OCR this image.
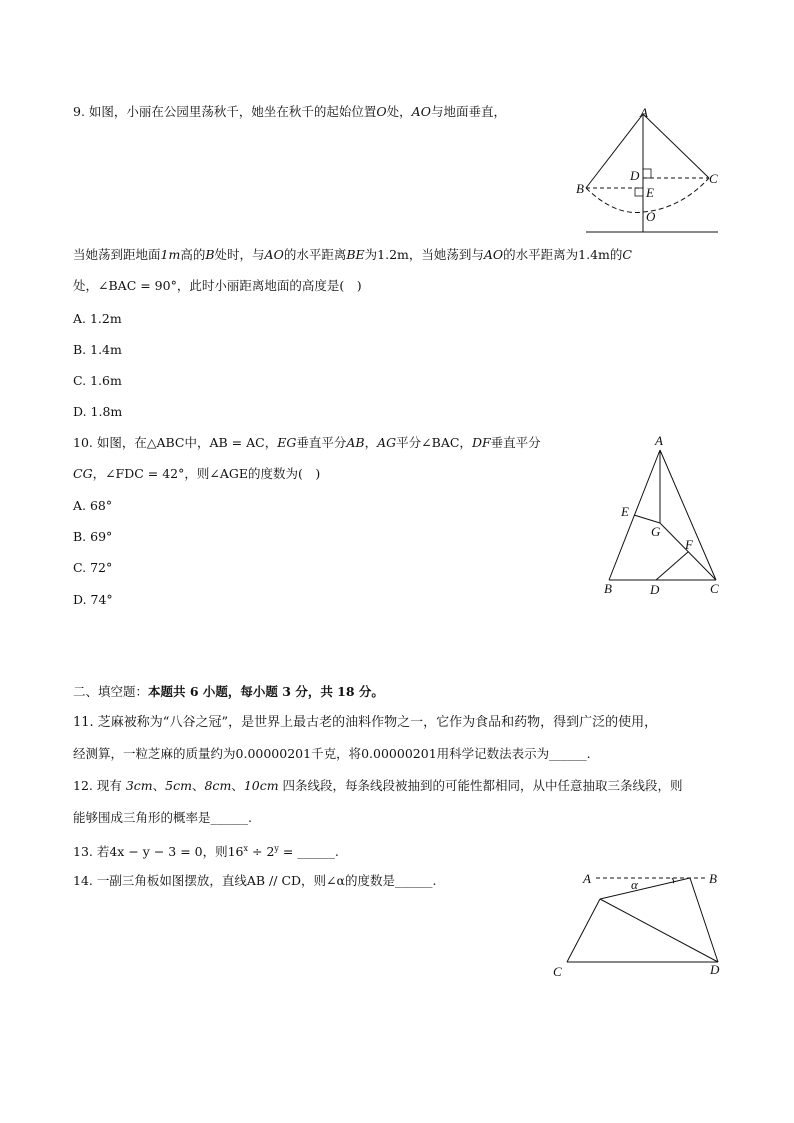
9. 如图，小丽在公园里荡秋千，她坐在秋千的起始位置O处，AO与地面垂直，	A
B
C
D
E
O
当她荡到距地面1m高的B处时，与AO的水平距离BE为1.2m，当她荡到与AO的水平距离为1.4m的C
处，∠BAC = 90°，此时小丽距离地面的高度是(　)
A. 1.2m
B. 1.4m
C. 1.6m
D. 1.8m
10. 如图，在△ABC中，AB = AC，EG垂直平分AB，AG平分∠BAC，DF垂直平分
CG，∠FDC = 42°，则∠AGE的度数为(　)
A
B	C
D
E
F
G
A. 68°
B. 69°
C. 72°
D. 74°
二、填空题：本题共 6 小题，每小题 3 分，共 18 分。
11. 芝麻被称为“八谷之冠”，是世界上最古老的油料作物之一，它作为食品和药物，得到广泛的使用，
经测算，一粒芝麻的质量约为0.00000201千克，将0.00000201用科学记数法表示为______.
12. 现有 3cm、5cm、8cm、10cm 四条线段，每条线段被抽到的可能性都相同，从中任意抽取三条线段，则
能够围成三角形的概率是______.
13. 若4x − y − 3 = 0，则$16^x \div 2^y$ = ______.
14. 一副三角板如图摆放，直线AB // CD，则∠α的度数是______.	A	B
C	D
α
